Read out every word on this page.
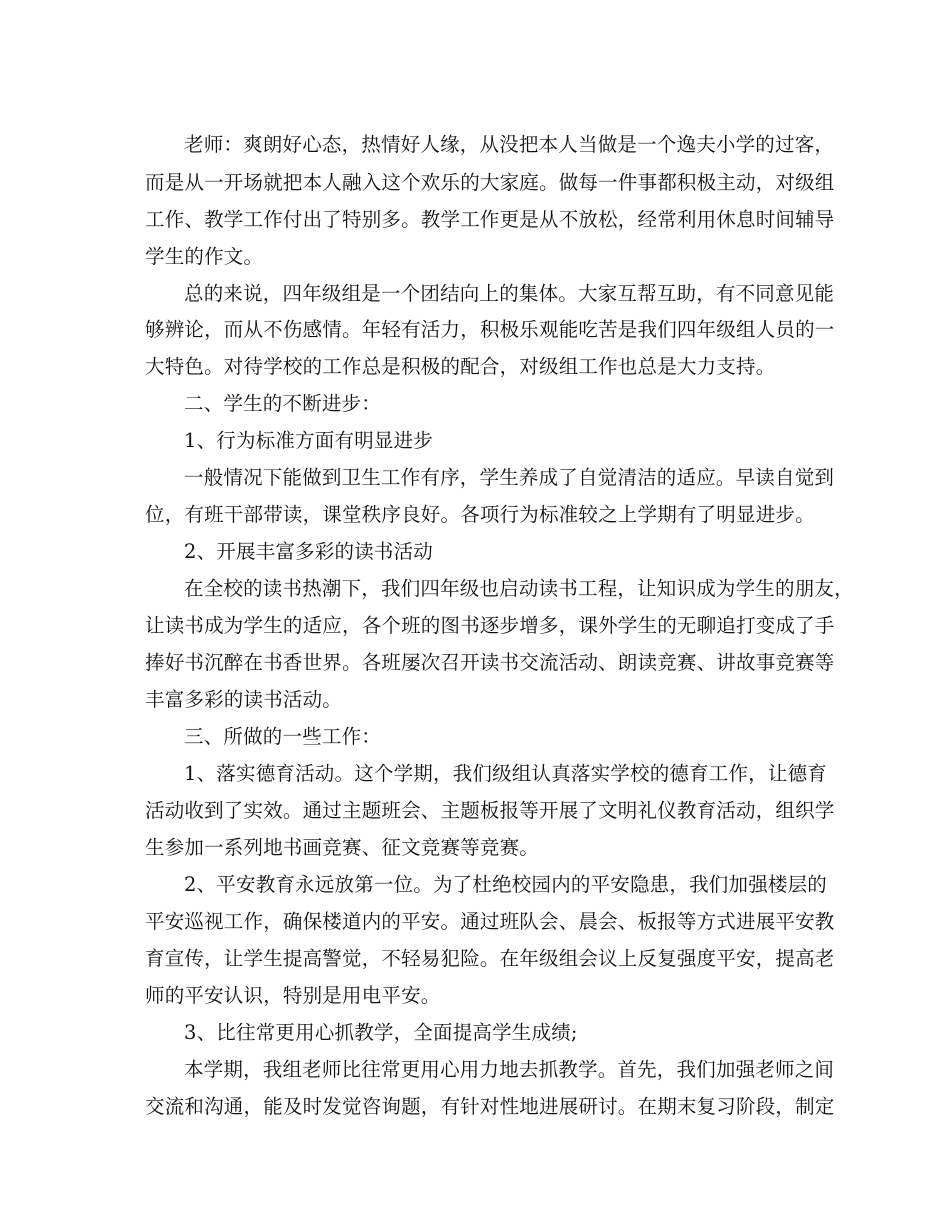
老师：爽朗好心态，热情好人缘，从没把本人当做是一个逸夫小学的过客，
而是从一开场就把本人融入这个欢乐的大家庭。做每一件事都积极主动，对级组
工作、教学工作付出了特别多。教学工作更是从不放松，经常利用休息时间辅导
学生的作文。
总的来说，四年级组是一个团结向上的集体。大家互帮互助，有不同意见能
够辨论，而从不伤感情。年轻有活力，积极乐观能吃苦是我们四年级组人员的一
大特色。对待学校的工作总是积极的配合，对级组工作也总是大力支持。
二、学生的不断进步：
1、行为标准方面有明显进步
一般情况下能做到卫生工作有序，学生养成了自觉清洁的适应。早读自觉到
位，有班干部带读，课堂秩序良好。各项行为标准较之上学期有了明显进步。
2、开展丰富多彩的读书活动
在全校的读书热潮下，我们四年级也启动读书工程，让知识成为学生的朋友，
让读书成为学生的适应，各个班的图书逐步增多，课外学生的无聊追打变成了手
捧好书沉醉在书香世界。各班屡次召开读书交流活动、朗读竞赛、讲故事竞赛等
丰富多彩的读书活动。
三、所做的一些工作：
1、落实德育活动。这个学期，我们级组认真落实学校的德育工作，让德育
活动收到了实效。通过主题班会、主题板报等开展了文明礼仪教育活动，组织学
生参加一系列地书画竞赛、征文竞赛等竞赛。
2、平安教育永远放第一位。为了杜绝校园内的平安隐患，我们加强楼层的
平安巡视工作，确保楼道内的平安。通过班队会、晨会、板报等方式进展平安教
育宣传，让学生提高警觉，不轻易犯险。在年级组会议上反复强度平安，提高老
师的平安认识，特别是用电平安。
3、比往常更用心抓教学，全面提高学生成绩;
本学期，我组老师比往常更用心用力地去抓教学。首先，我们加强老师之间
交流和沟通，能及时发觉咨询题，有针对性地进展研讨。在期末复习阶段，制定
